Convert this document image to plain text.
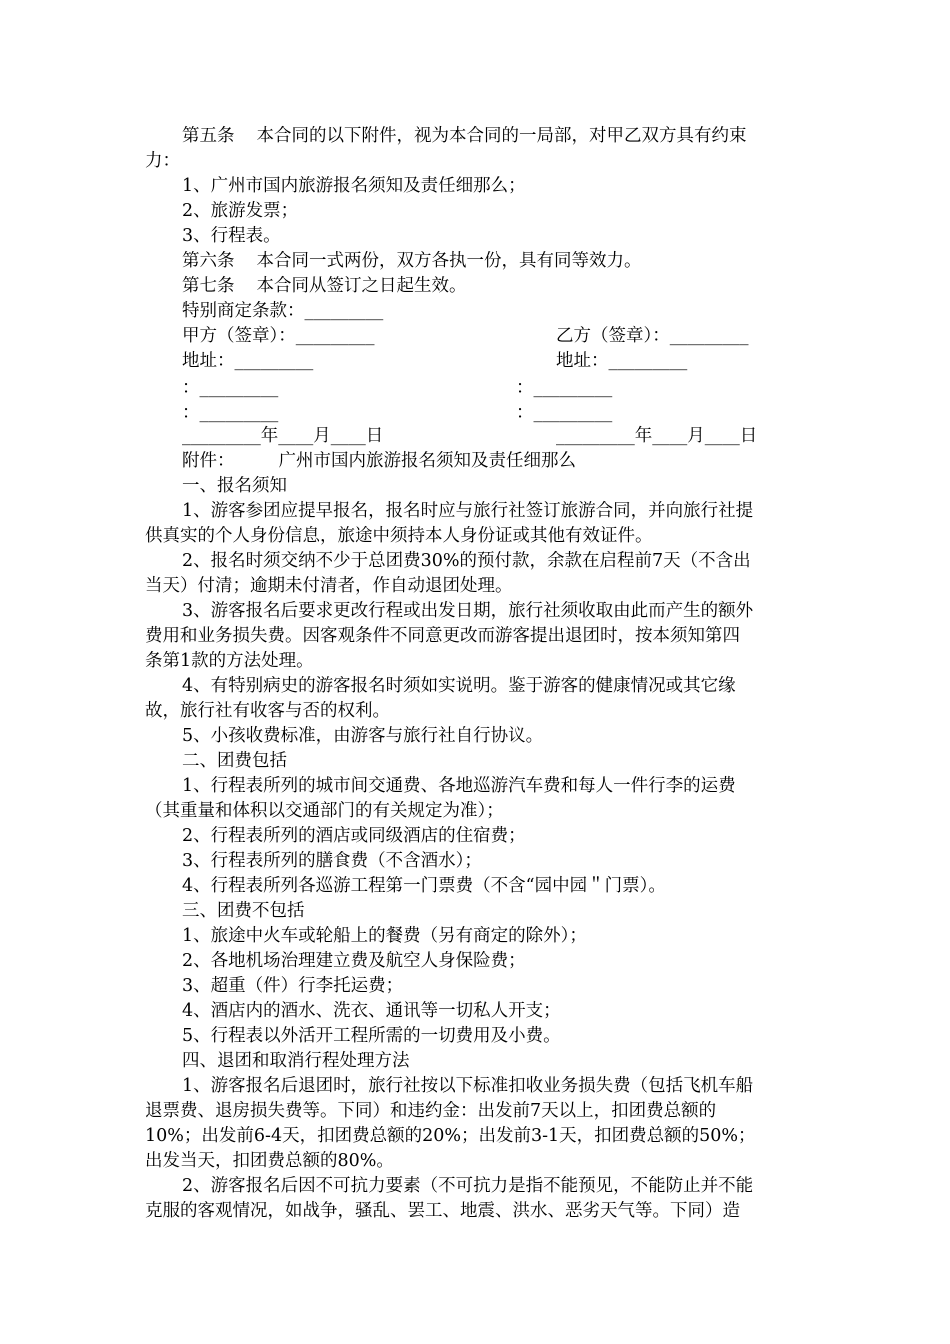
第五条 本合同的以下附件，视为本合同的一局部，对甲乙双方具有约束
力：
1、广州市国内旅游报名须知及责任细那么；
2、旅游发票；
3、行程表。
第六条 本合同一式两份，双方各执一份，具有同等效力。
第七条 本合同从签订之日起生效。
特别商定条款：_________
甲方（签章）：_________	乙方（签章）：_________
地址：_________	地址：_________
：_________	：_________
：_________	：_________
_________年____月____日	_________年____月____日
附件：	广州市国内旅游报名须知及责任细那么
一、报名须知
1、游客参团应提早报名，报名时应与旅行社签订旅游合同，并向旅行社提
供真实的个人身份信息，旅途中须持本人身份证或其他有效证件。
2、报名时须交纳不少于总团费30%的预付款，余款在启程前7天（不含出
当天）付清；逾期未付清者，作自动退团处理。
3、游客报名后要求更改行程或出发日期，旅行社须收取由此而产生的额外
费用和业务损失费。因客观条件不同意更改而游客提出退团时，按本须知第四
条第1款的方法处理。
4、有特别病史的游客报名时须如实说明。鉴于游客的健康情况或其它缘
故，旅行社有收客与否的权利。
5、小孩收费标准，由游客与旅行社自行协议。
二、团费包括
1、行程表所列的城市间交通费、各地巡游汽车费和每人一件行李的运费
（其重量和体积以交通部门的有关规定为准）；
2、行程表所列的酒店或同级酒店的住宿费；
3、行程表所列的膳食费（不含酒水）；
4、行程表所列各巡游工程第一门票费（不含“园中园＂门票）。
三、团费不包括
1、旅途中火车或轮船上的餐费（另有商定的除外）；
2、各地机场治理建立费及航空人身保险费；
3、超重（件）行李托运费；
4、酒店内的酒水、洗衣、通讯等一切私人开支；
5、行程表以外活开工程所需的一切费用及小费。
四、退团和取消行程处理方法
1、游客报名后退团时，旅行社按以下标准扣收业务损失费（包括飞机车船
退票费、退房损失费等。下同）和违约金：出发前7天以上，扣团费总额的
10%；出发前6-4天，扣团费总额的20%；出发前3-1天，扣团费总额的50%；
出发当天，扣团费总额的80%。
2、游客报名后因不可抗力要素（不可抗力是指不能预见，不能防止并不能
克服的客观情况，如战争，骚乱、罢工、地震、洪水、恶劣天气等。下同）造
